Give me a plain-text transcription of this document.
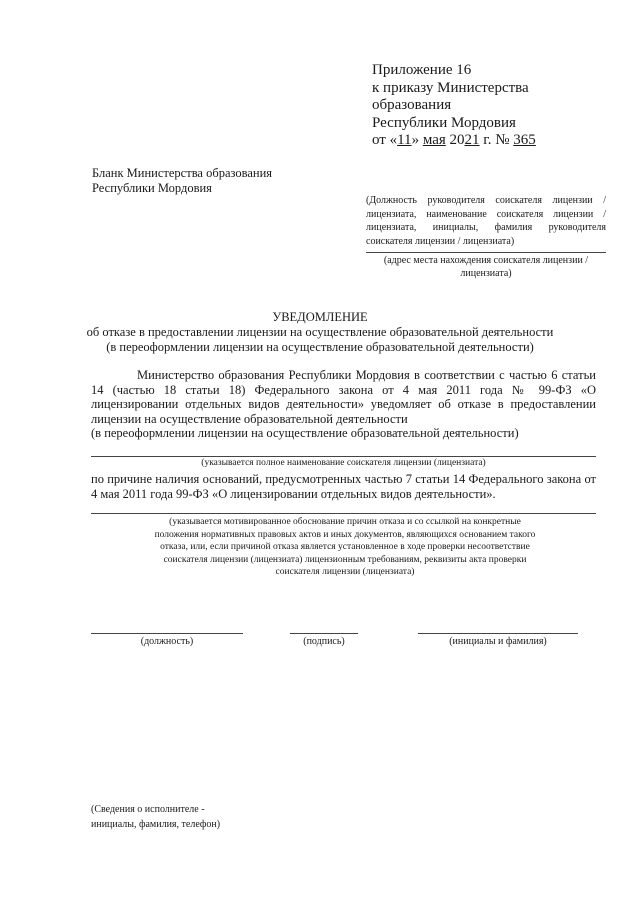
Приложение 16
к приказу Министерства
образования
Республики Мордовия
от «11» мая 2021 г. № 365
Бланк Министерства образования
Республики Мордовия
(Должность руководителя соискателя лицензии / лицензиата, наименование соискателя лицензии / лицензиата, инициалы, фамилия руководителя соискателя лицензии / лицензиата)
(адрес места нахождения соискателя лицензии / лицензиата)
УВЕДОМЛЕНИЕ
об отказе в предоставлении лицензии на осуществление образовательной деятельности
(в переоформлении лицензии на осуществление образовательной деятельности)

Министерство образования Республики Мордовия в соответствии с частью 6 статьи 14 (частью 18 статьи 18) Федерального закона от 4 мая 2011 года № 99-ФЗ «О лицензировании отдельных видов деятельности» уведомляет об отказе в предоставлении лицензии на осуществление образовательной деятельности

(в переоформлении лицензии на осуществление образовательной деятельности)

(указывается полное наименование соискателя лицензии (лицензиата)
по причине наличия оснований, предусмотренных частью 7 статьи 14 Федерального закона от 4 мая 2011 года 99-ФЗ «О лицензировании отдельных видов деятельности».
(указывается мотивированное обоснование причин отказа и со ссылкой на конкретные положения нормативных правовых актов и иных документов, являющихся основанием такого отказа, или, если причиной отказа является установленное в ходе проверки несоответствие соискателя лицензии (лицензиата) лицензионным требованиям, реквизиты акта проверки соискателя лицензии (лицензиата)
(должность)	(подпись)	(инициалы и фамилия)
(Сведения о исполнителе -
инициалы, фамилия, телефон)
